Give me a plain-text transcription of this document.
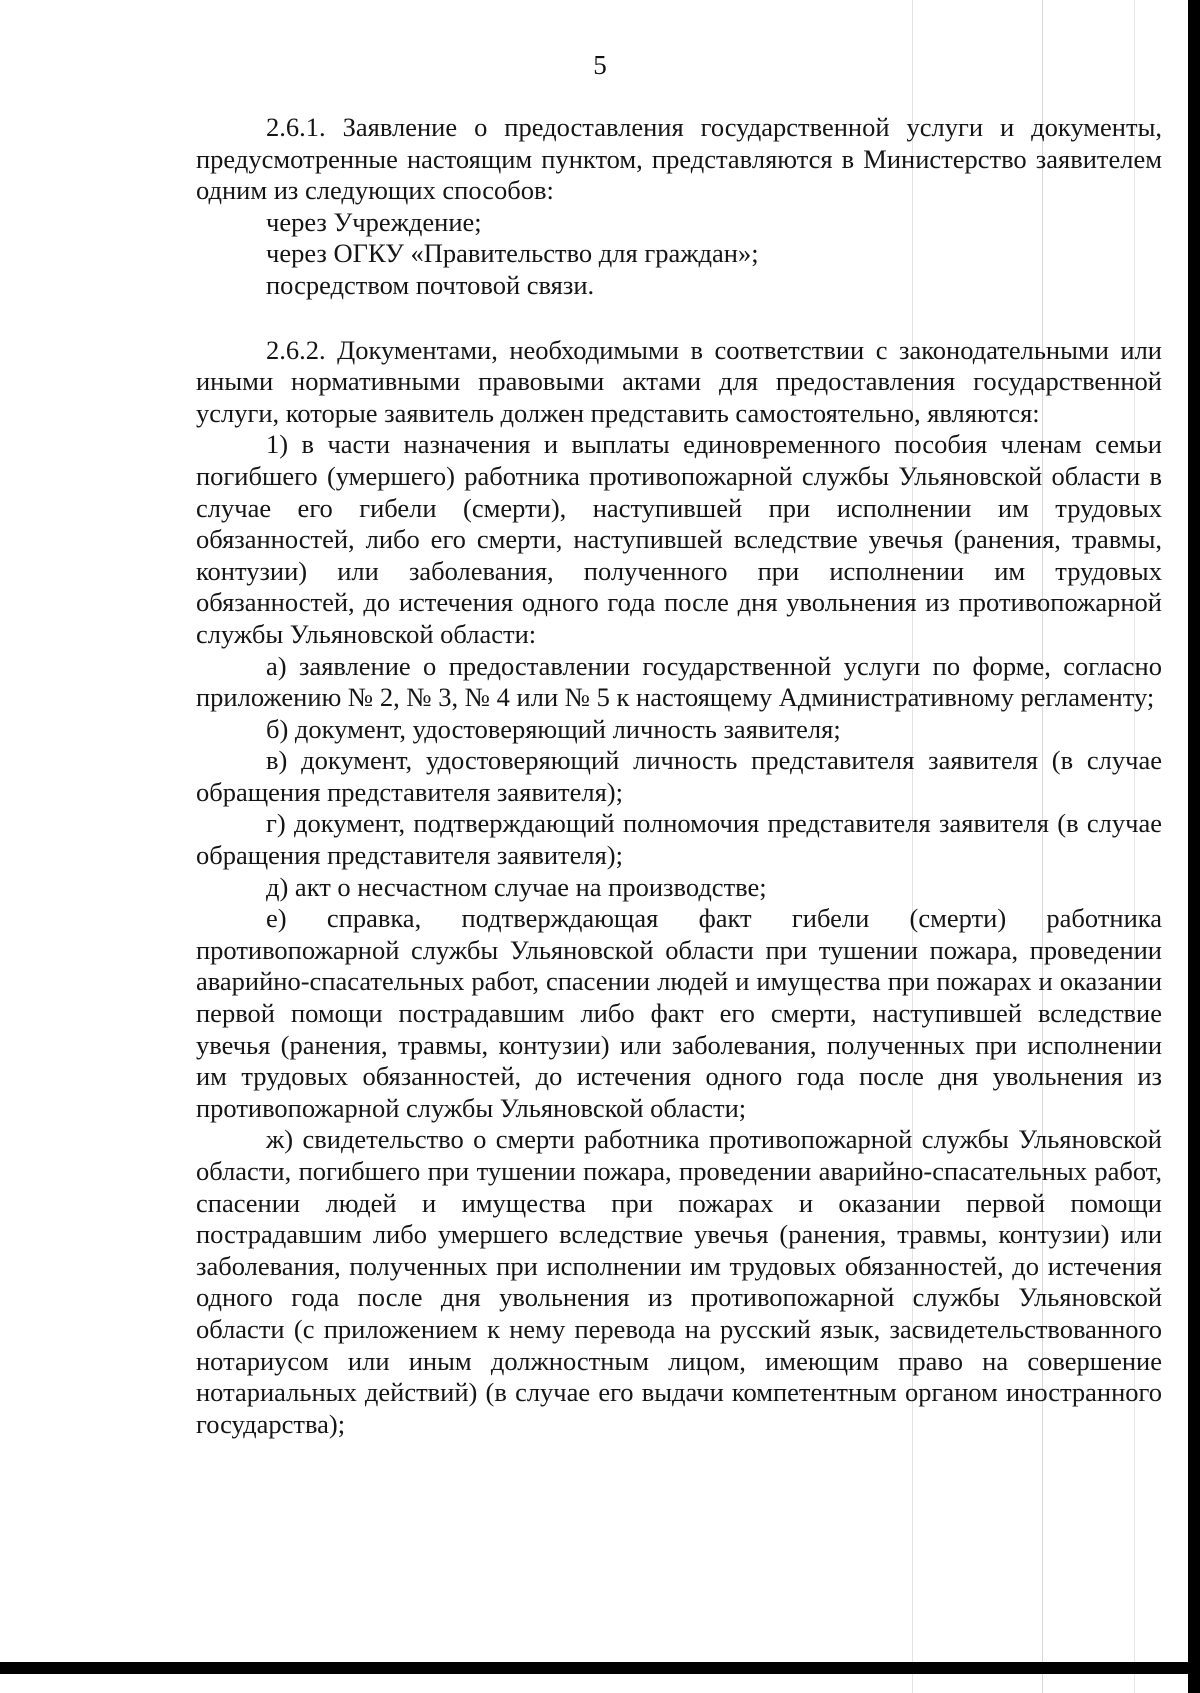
5

2.6.1. Заявление о предоставления государственной услуги и документы, предусмотренные настоящим пунктом, представляются в Министерство заявителем одним из следующих способов:

через Учреждение;

через ОГКУ «Правительство для граждан»;

посредством почтовой связи.

2.6.2. Документами, необходимыми в соответствии с законодательными или иными нормативными правовыми актами для предоставления государственной услуги, которые заявитель должен представить самостоятельно, являются:

1) в части назначения и выплаты единовременного пособия членам семьи погибшего (умершего) работника противопожарной службы Ульяновской области в случае его гибели (смерти), наступившей при исполнении им трудовых обязанностей, либо его смерти, наступившей вследствие увечья (ранения, травмы, контузии) или заболевания, полученного при исполнении им трудовых обязанностей, до истечения одного года после дня увольнения из противопожарной службы Ульяновской области:

а) заявление о предоставлении государственной услуги по форме, согласно приложению № 2, № 3, № 4 или № 5 к настоящему Административному регламенту;

б) документ, удостоверяющий личность заявителя;

в) документ, удостоверяющий личность представителя заявителя (в случае обращения представителя заявителя);

г) документ, подтверждающий полномочия представителя заявителя (в случае обращения представителя заявителя);

д) акт о несчастном случае на производстве;

е) справка, подтверждающая факт гибели (смерти) работника противопожарной службы Ульяновской области при тушении пожара, проведении аварийно-спасательных работ, спасении людей и имущества при пожарах и оказании первой помощи пострадавшим либо факт его смерти, наступившей вследствие увечья (ранения, травмы, контузии) или заболевания, полученных при исполнении им трудовых обязанностей, до истечения одного года после дня увольнения из противопожарной службы Ульяновской области;

ж) свидетельство о смерти работника противопожарной службы Ульяновской области, погибшего при тушении пожара, проведении аварийно-спасательных работ, спасении людей и имущества при пожарах и оказании первой помощи пострадавшим либо умершего вследствие увечья (ранения, травмы, контузии) или заболевания, полученных при исполнении им трудовых обязанностей, до истечения одного года после дня увольнения из противопожарной службы Ульяновской области (с приложением к нему перевода на русский язык, засвидетельствованного нотариусом или иным должностным лицом, имеющим право на совершение нотариальных действий) (в случае его выдачи компетентным органом иностранного государства);
